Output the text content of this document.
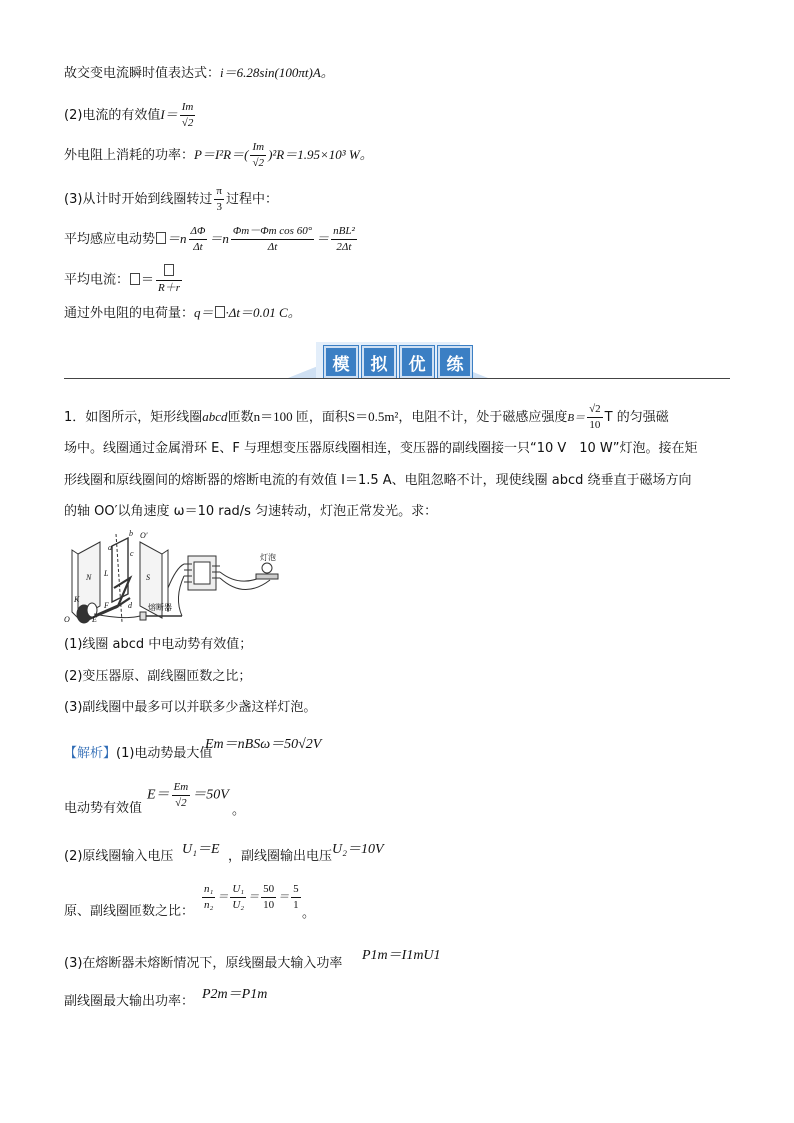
故交变电流瞬时值表达式：i＝6.28sin(100πt)A。
(2)电流的有效值$I= \frac{Im}{√2}$
外电阻上消耗的功率：$P=I^2R=( \frac{Im}{√2} )^2R=1.95\times 10^3$ W。
(3)从计时开始到线圈转过 $\frac{\pi}{3}$ 过程中：
平均感应电动势 $=n \frac{\Delta\Phi}{\Delta t} =n \frac{\text{Φm－Φm cos 60°}}{\Delta t} = \frac{\text{nBL²}}{2\Delta t}$
平均电流： ＝
R＋r
通过外电阻的电荷量：q＝ ·Δt＝0.01 C。
模	拟	优	练
1．如图所示，矩形线圈abcd匝数n＝100 匝，面积S＝0.5m²，电阻不计，处于磁感应强度$B= \frac{√2}{10}$ T 的匀强磁
场中。线圈通过金属滑环 E、F 与理想变压器原线圈相连，变压器的副线圈接一只“10 V　10 W”灯泡。接在矩
形线圈和原线圈间的熔断器的熔断电流的有效值 I＝1.5 A、电阻忽略不计，现使线圈 abcd 绕垂直于磁场方向
的轴 OO′以角速度 ω＝10 rad/s 匀速转动，灯泡正常发光。求：
N	S
a
b
c
d
O′
O
K
E
F
L
熔断器
灯泡
(1)线圈 abcd 中电动势有效值；
(2)变压器原、副线圈匝数之比；
(3)副线圈中最多可以并联多少盏这样灯泡。
【解析】(1)电动势最大值
Em＝nBSω＝50√2V
电动势有效值
$E= \frac{Em}{√2} =50V$
。
(2)原线圈输入电压 U₁＝E ，副线圈输出电压 U₂＝10V
原、副线圈匝数之比： $\frac{\text{n₁}}{\text{n₂}} = \frac{\text{U₁}}{\text{U₂}} = \frac{50}{10} = \frac{5}{1}$
。
(3)在熔断器未熔断情况下，原线圈最大输入功率
P1m＝I1mU1
副线圈最大输出功率： P2m＝P1m
